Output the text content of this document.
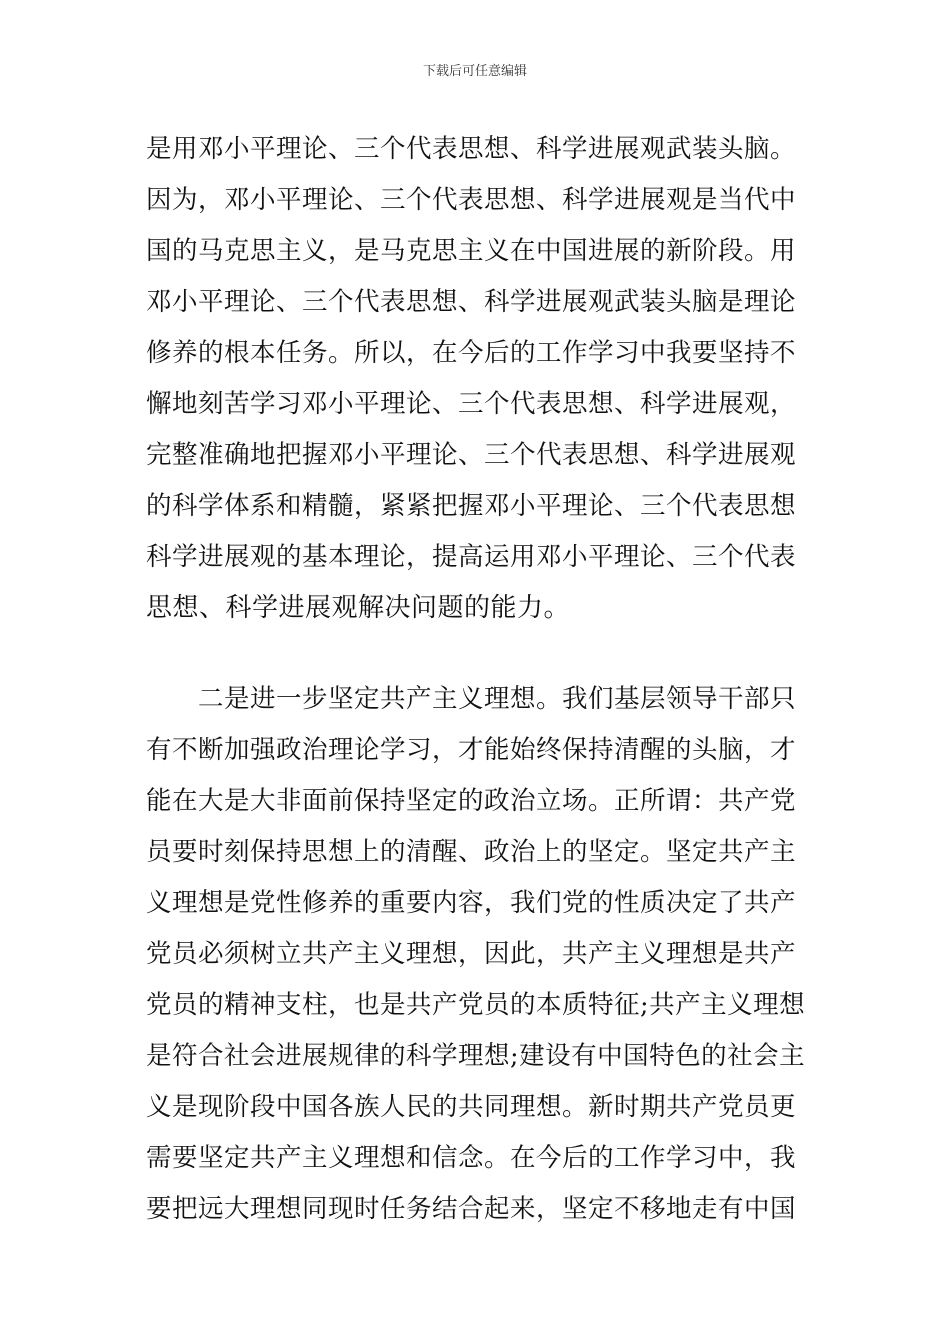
下载后可任意编辑
是用邓小平理论、三个代表思想、科学进展观武装头脑。
因为，邓小平理论、三个代表思想、科学进展观是当代中
国的马克思主义，是马克思主义在中国进展的新阶段。用
邓小平理论、三个代表思想、科学进展观武装头脑是理论
修养的根本任务。所以，在今后的工作学习中我要坚持不
懈地刻苦学习邓小平理论、三个代表思想、科学进展观，
完整准确地把握邓小平理论、三个代表思想、科学进展观
的科学体系和精髓，紧紧把握邓小平理论、三个代表思想
科学进展观的基本理论，提高运用邓小平理论、三个代表
思想、科学进展观解决问题的能力。
　　二是进一步坚定共产主义理想。我们基层领导干部只
有不断加强政治理论学习，才能始终保持清醒的头脑，才
能在大是大非面前保持坚定的政治立场。正所谓：共产党
员要时刻保持思想上的清醒、政治上的坚定。坚定共产主
义理想是党性修养的重要内容，我们党的性质决定了共产
党员必须树立共产主义理想，因此，共产主义理想是共产
党员的精神支柱，也是共产党员的本质特征;共产主义理想
是符合社会进展规律的科学理想;建设有中国特色的社会主
义是现阶段中国各族人民的共同理想。新时期共产党员更
需要坚定共产主义理想和信念。在今后的工作学习中，我
要把远大理想同现时任务结合起来，坚定不移地走有中国
